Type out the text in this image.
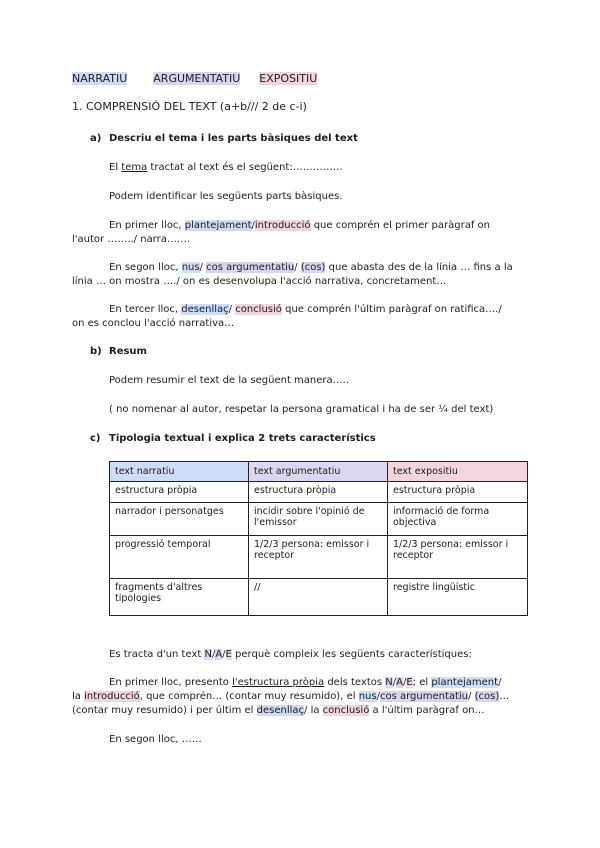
NARRATIU ARGUMENTATIU EXPOSITIU
1. COMPRENSIÓ DEL TEXT (a+b/// 2 de c-i)
a) Descriu el tema i les parts bàsiques del text
El tema tractat al text és el següent:……………
Podem identificar les següents parts bàsiques.
En primer lloc, plantejament/introducció que comprén el primer paràgraf on
l'autor ……../ narra…….
En segon lloc, nus/ cos argumentatiu/ (cos) que abasta des de la línia … fins a la
línia … on mostra …./ on es desenvolupa l'acció narrativa, concretament…
En tercer lloc, desenllaç/ conclusió que comprén l'últim paràgraf on ratifica…./
on es conclou l'acció narrativa…
b) Resum
Podem resumir el text de la següent manera…..
( no nomenar al autor, respetar la persona gramatical i ha de ser ¼ del text)
c) Tipologia textual i explica 2 trets característics
text narratiu	text argumentatiu	text expositiu
estructura pròpia	estructura pròpia	estructura pròpia
narrador i personatges	incidir sobre l'opinió de l'emissor	informació de forma objectiva
progressió temporal	1/2/3 persona: emissor i receptor	1/2/3 persona: emissor i receptor
fragments d'altres tipologies	//	registre lingüístic
Es tracta d'un text N/A/E perquè compleix les següents característiques:
En primer lloc, presento l'estructura pròpia dels textos N/A/E; el plantejament/
la introducció, que comprén… (contar muy resumido), el nus/cos argumentatiu/ (cos)…
(contar muy resumido) i per últim el desenllaç/ la conclusió a l'últim paràgraf on…
En segon lloc, ……
